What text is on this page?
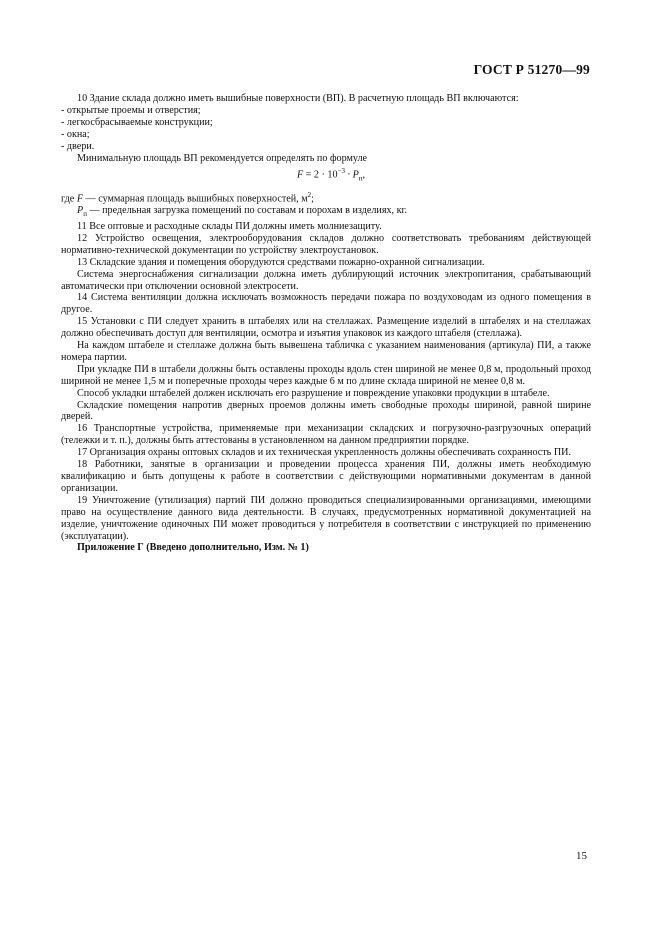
ГОСТ Р 51270—99

10 Здание склада должно иметь вышибные поверхности (ВП). В расчетную площадь ВП включаются:

- открытые проемы и отверстия;

- легкосбрасываемые конструкции;

- окна;

- двери.

Минимальную площадь ВП рекомендуется определять по формуле

$F = 2 \cdot 10^{-3} \cdot P_п$,

где F — суммарная площадь вышибных поверхностей, $м^2$;

$P_п$ — предельная загрузка помещений по составам и порохам в изделиях, кг.

11 Все оптовые и расходные склады ПИ должны иметь молниезащиту.

12 Устройство освещения, электрооборудования складов должно соответствовать требованиям действующей нормативно-технической документации по устройству электроустановок.

13 Складские здания и помещения оборудуются средствами пожарно-охранной сигнализации.

Система энергоснабжения сигнализации должна иметь дублирующий источник электропитания, срабатывающий автоматически при отключении основной электросети.

14 Система вентиляции должна исключать возможность передачи пожара по воздуховодам из одного помещения в другое.

15 Установки с ПИ следует хранить в штабелях или на стеллажах. Размещение изделий в штабелях и на стеллажах должно обеспечивать доступ для вентиляции, осмотра и изъятия упаковок из каждого штабеля (стеллажа).

На каждом штабеле и стеллаже должна быть вывешена табличка с указанием наименования (артикула) ПИ, а также номера партии.

При укладке ПИ в штабели должны быть оставлены проходы вдоль стен шириной не менее 0,8 м, продольный проход шириной не менее 1,5 м и поперечные проходы через каждые 6 м по длине склада шириной не менее 0,8 м.

Способ укладки штабелей должен исключать его разрушение и повреждение упаковки продукции в штабеле.

Складские помещения напротив дверных проемов должны иметь свободные проходы шириной, равной ширине дверей.

16 Транспортные устройства, применяемые при механизации складских и погрузочно-разгрузочных операций (тележки и т. п.), должны быть аттестованы в установленном на данном предприятии порядке.

17 Организация охраны оптовых складов и их техническая укрепленность должны обеспечивать сохранность ПИ.

18 Работники, занятые в организации и проведении процесса хранения ПИ, должны иметь необходимую квалификацию и быть допущены к работе в соответствии с действующими нормативными документам в данной организации.

19 Уничтожение (утилизация) партий ПИ должно проводиться специализированными организациями, имеющими право на осуществление данного вида деятельности. В случаях, предусмотренных нормативной документацией на изделие, уничтожение одиночных ПИ может проводиться у потребителя в соответствии с инструкцией по применению (эксплуатации).

Приложение Г (Введено дополнительно, Изм. № 1)

15
